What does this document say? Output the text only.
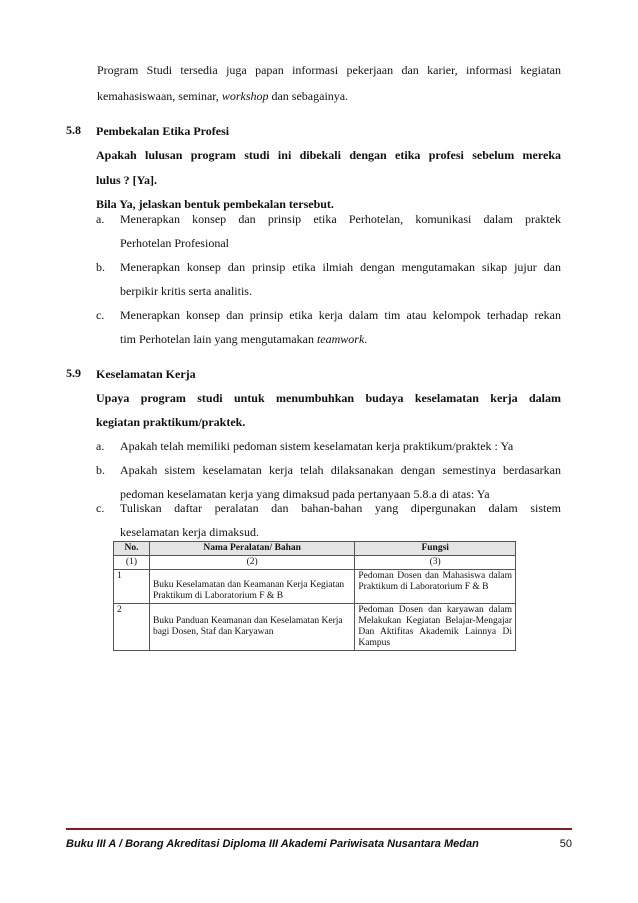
Program Studi tersedia juga papan informasi pekerjaan dan karier, informasi kegiatan
kemahasiswaan, seminar, workshop dan sebagainya.
5.8 Pembekalan Etika Profesi
Apakah lulusan program studi ini dibekali dengan etika profesi sebelum mereka
lulus ? [Ya].
Bila Ya, jelaskan bentuk pembekalan tersebut.
a. Menerapkan konsep dan prinsip etika Perhotelan, komunikasi dalam praktek
Perhotelan Profesional
b. Menerapkan konsep dan prinsip etika ilmiah dengan mengutamakan sikap jujur dan
berpikir kritis serta analitis.
c. Menerapkan konsep dan prinsip etika kerja dalam tim atau kelompok terhadap rekan
tim Perhotelan lain yang mengutamakan teamwork.
5.9 Keselamatan Kerja
Upaya program studi untuk menumbuhkan budaya keselamatan kerja dalam
kegiatan praktikum/praktek.
a. Apakah telah memiliki pedoman sistem keselamatan kerja praktikum/praktek : Ya
b. Apakah sistem keselamatan kerja telah dilaksanakan dengan semestinya berdasarkan
pedoman keselamatan kerja yang dimaksud pada pertanyaan 5.8.a di atas: Ya
c. Tuliskan daftar peralatan dan bahan-bahan yang dipergunakan dalam sistem
keselamatan kerja dimaksud.
No.	Nama Peralatan/ Bahan	Fungsi
(1)	(2)	(3)
1	Buku Keselamatan dan Keamanan Kerja Kegiatan Praktikum di Laboratorium F & B	Pedoman Dosen dan Mahasiswa dalam Praktikum di Laboratorium F & B
2	Buku Panduan Keamanan dan Keselamatan Kerja bagi Dosen, Staf dan Karyawan	Pedoman Dosen dan karyawan dalam Melakukan Kegiatan Belajar-Mengajar Dan Aktifitas Akademik Lainnya Di Kampus
Buku III A / Borang Akreditasi Diploma III Akademi Pariwisata Nusantara Medan	50
